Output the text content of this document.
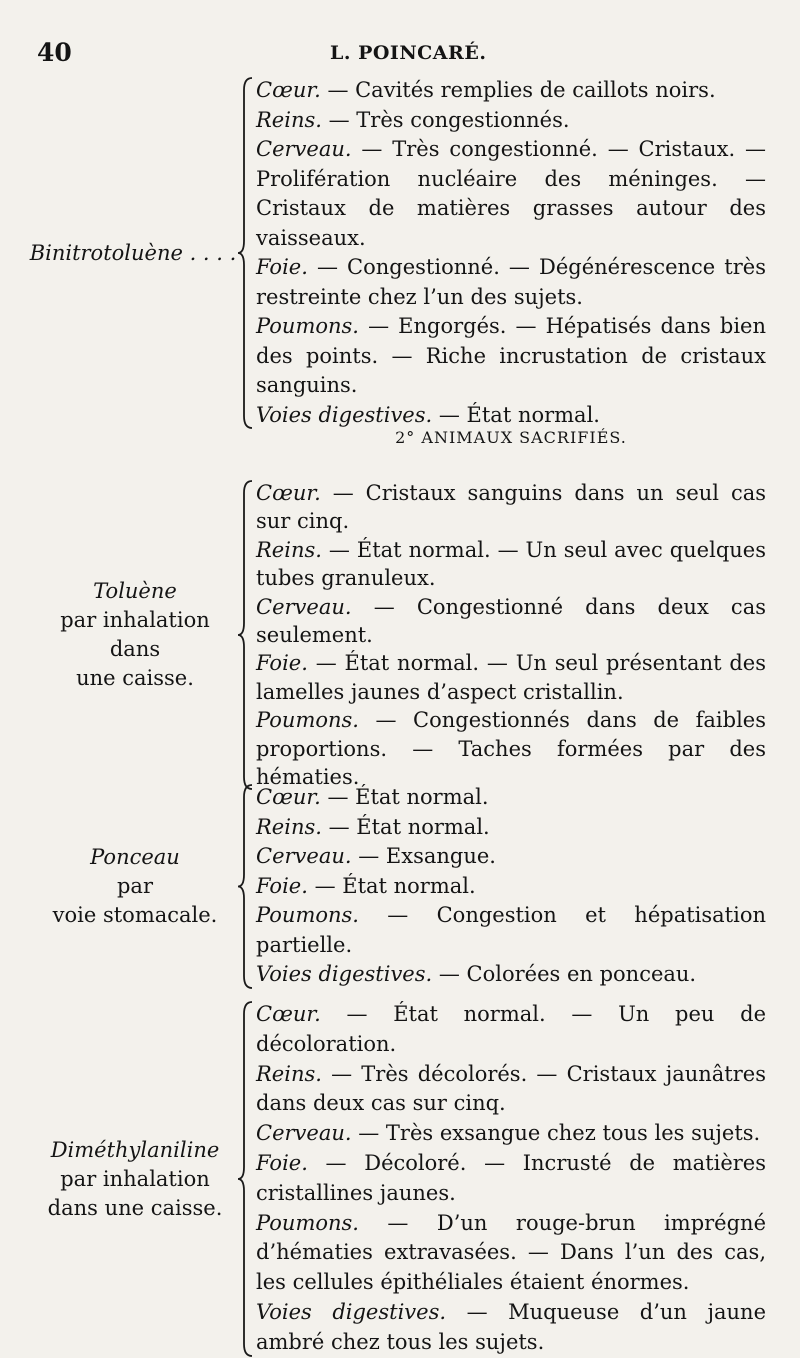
40	L. POINCARÉ.
2° ANIMAUX SACRIFIÉS.

Cœur. — Cavités remplies de caillots noirs.

Reins. — Très congestionnés.

Cerveau. — Très congestionné. — Cristaux. — Prolifération nucléaire des méninges. — Cristaux de matières grasses autour des vaisseaux.

Foie. — Congestionné. — Dégénérescence très restreinte chez l’un des sujets.

Poumons. — Engorgés. — Hépatisés dans bien des points. — Riche incrustation de cristaux sanguins.

Voies digestives. — État normal.

Binitrotoluène . . . .

Cœur. — Cristaux sanguins dans un seul cas sur cinq.

Reins. — État normal. — Un seul avec quelques tubes granuleux.

Cerveau. — Congestionné dans deux cas seulement.

Foie. — État normal. — Un seul présentant des lamelles jaunes d’aspect cristallin.

Poumons. — Congestionnés dans de faibles proportions. — Taches formées par des hématies.

Toluène
par inhalation
dans
une caisse.

Cœur. — État normal.

Reins. — État normal.

Cerveau. — Exsangue.

Foie. — État normal.

Poumons. — Congestion et hépatisation partielle.

Voies digestives. — Colorées en ponceau.

Ponceau
par
voie stomacale.

Cœur. — État normal. — Un peu de décoloration.

Reins. — Très décolorés. — Cristaux jaunâtres dans deux cas sur cinq.

Cerveau. — Très exsangue chez tous les sujets.

Foie. — Décoloré. — Incrusté de matières cristallines jaunes.

Poumons. — D’un rouge-brun imprégné d’hématies extravasées. — Dans l’un des cas, les cellules épithéliales étaient énormes.

Voies digestives. — Muqueuse d’un jaune ambré chez tous les sujets.

Diméthylaniline
par inhalation
dans une caisse.
